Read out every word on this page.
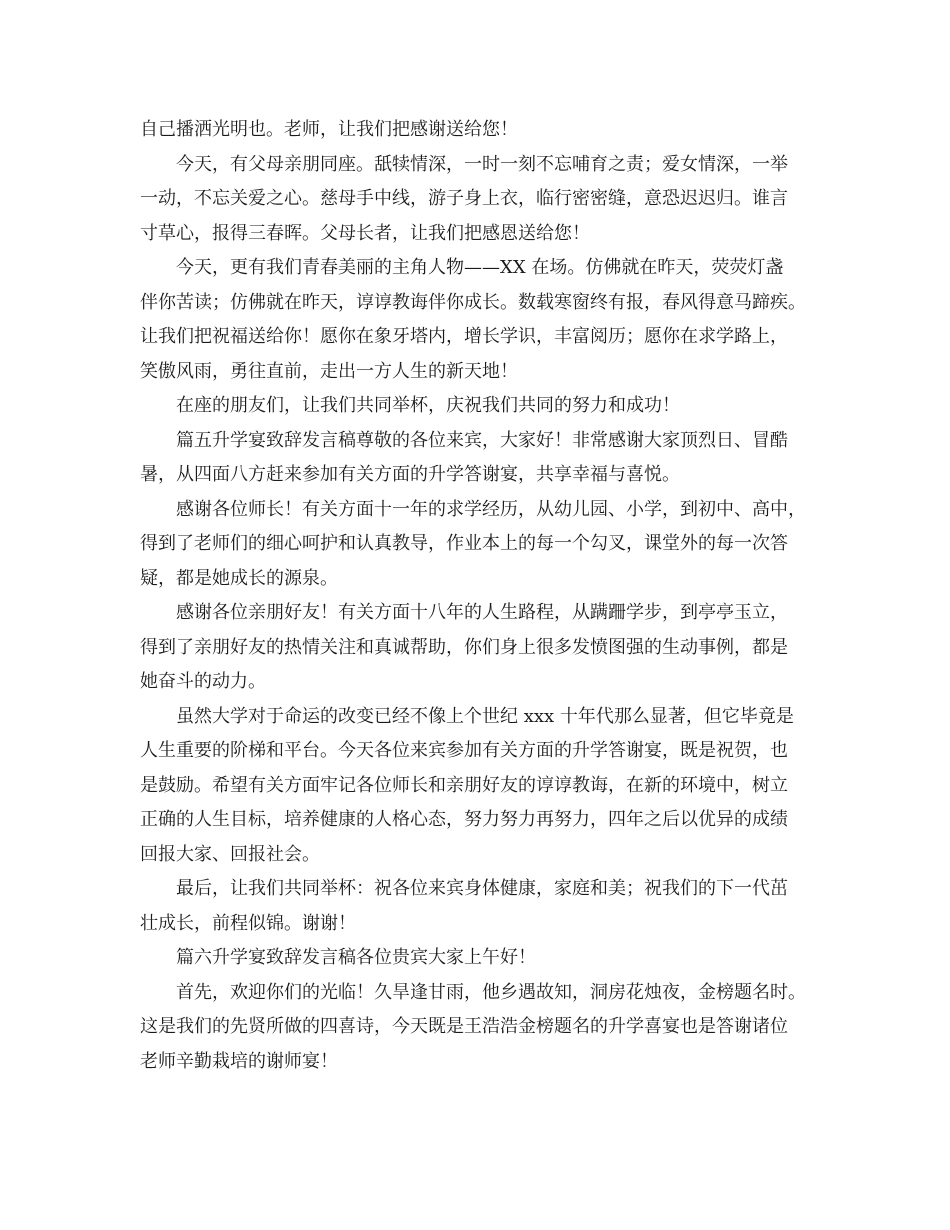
自己播洒光明也。老师，让我们把感谢送给您！
今天，有父母亲朋同座。舐犊情深，一时一刻不忘哺育之责；爱女情深，一举
一动，不忘关爱之心。慈母手中线，游子身上衣，临行密密缝，意恐迟迟归。谁言
寸草心，报得三春晖。父母长者，让我们把感恩送给您！
今天，更有我们青春美丽的主角人物——XX 在场。仿佛就在昨天，荧荧灯盏
伴你苦读；仿佛就在昨天，谆谆教诲伴你成长。数载寒窗终有报，春风得意马蹄疾。
让我们把祝福送给你！愿你在象牙塔内，增长学识，丰富阅历；愿你在求学路上，
笑傲风雨，勇往直前，走出一方人生的新天地！
在座的朋友们，让我们共同举杯，庆祝我们共同的努力和成功！
篇五升学宴致辞发言稿尊敬的各位来宾，大家好！非常感谢大家顶烈日、冒酷
暑，从四面八方赶来参加有关方面的升学答谢宴，共享幸福与喜悦。
感谢各位师长！有关方面十一年的求学经历，从幼儿园、小学，到初中、高中，
得到了老师们的细心呵护和认真教导，作业本上的每一个勾叉，课堂外的每一次答
疑，都是她成长的源泉。
感谢各位亲朋好友！有关方面十八年的人生路程，从蹒跚学步，到亭亭玉立，
得到了亲朋好友的热情关注和真诚帮助，你们身上很多发愤图强的生动事例，都是
她奋斗的动力。
虽然大学对于命运的改变已经不像上个世纪 xxx 十年代那么显著，但它毕竟是
人生重要的阶梯和平台。今天各位来宾参加有关方面的升学答谢宴，既是祝贺，也
是鼓励。希望有关方面牢记各位师长和亲朋好友的谆谆教诲，在新的环境中，树立
正确的人生目标，培养健康的人格心态，努力努力再努力，四年之后以优异的成绩
回报大家、回报社会。
最后，让我们共同举杯：祝各位来宾身体健康，家庭和美；祝我们的下一代茁
壮成长，前程似锦。谢谢！
篇六升学宴致辞发言稿各位贵宾大家上午好！
首先，欢迎你们的光临！久旱逢甘雨，他乡遇故知，洞房花烛夜，金榜题名时。
这是我们的先贤所做的四喜诗，今天既是王浩浩金榜题名的升学喜宴也是答谢诸位
老师辛勤栽培的谢师宴！
